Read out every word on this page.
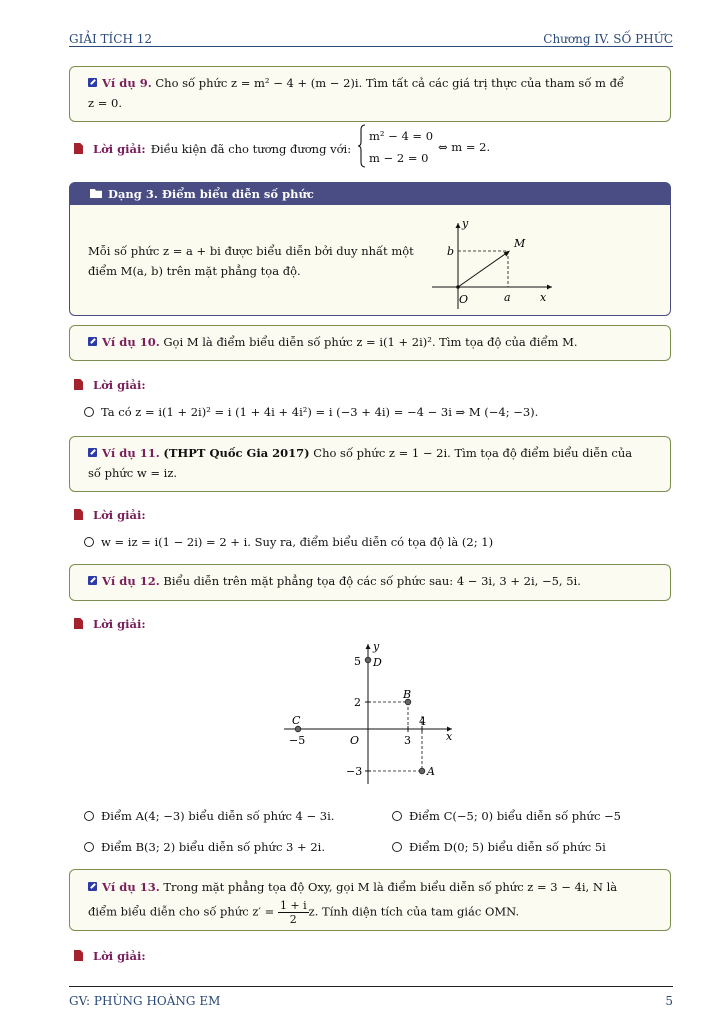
GIẢI TÍCH 12	Chương IV. SỐ PHỨC
Ví dụ 9. Cho số phức z = m² − 4 + (m − 2)i. Tìm tất cả các giá trị thực của tham số m để
z = 0.
Lời giải: Điều kiện đã cho tương đương với:
m² − 4 = 0
m − 2 = 0
⇔ m = 2.
Dạng 3. Điểm biểu diễn số phức
Mỗi số phức z = a + bi được biểu diễn bởi duy nhất một
điểm M(a, b) trên mặt phẳng tọa độ.
y
x
M
b
a
O
Ví dụ 10. Gọi M là điểm biểu diễn số phức z = i(1 + 2i)². Tìm tọa độ của điểm M.
Lời giải:
Ta có z = i(1 + 2i)² = i (1 + 4i + 4i²) = i (−3 + 4i) = −4 − 3i ⇒ M (−4; −3).
Ví dụ 11. (THPT Quốc Gia 2017) Cho số phức z = 1 − 2i. Tìm tọa độ điểm biểu diễn của
số phức w = iz.
Lời giải:
w = iz = i(1 − 2i) = 2 + i. Suy ra, điểm biểu diễn có tọa độ là (2; 1)
Ví dụ 12. Biểu diễn trên mặt phẳng tọa độ các số phức sau: 4 − 3i, 3 + 2i, −5, 5i.
Lời giải:
y
x
O
D
B
C
A
5
2
−3
−5	3
4
Điểm A(4; −3) biểu diễn số phức 4 − 3i.	Điểm C(−5; 0) biểu diễn số phức −5
Điểm B(3; 2) biểu diễn số phức 3 + 2i.	Điểm D(0; 5) biểu diễn số phức 5i
Ví dụ 13. Trong mặt phẳng tọa độ Oxy, gọi M là điểm biểu diễn số phức z = 3 − 4i, N là
điểm biểu diễn cho số phức $z' = \frac{1 + i}{2} z$. Tính diện tích của tam giác OMN.
Lời giải:
GV: PHÙNG HOÀNG EM	5
